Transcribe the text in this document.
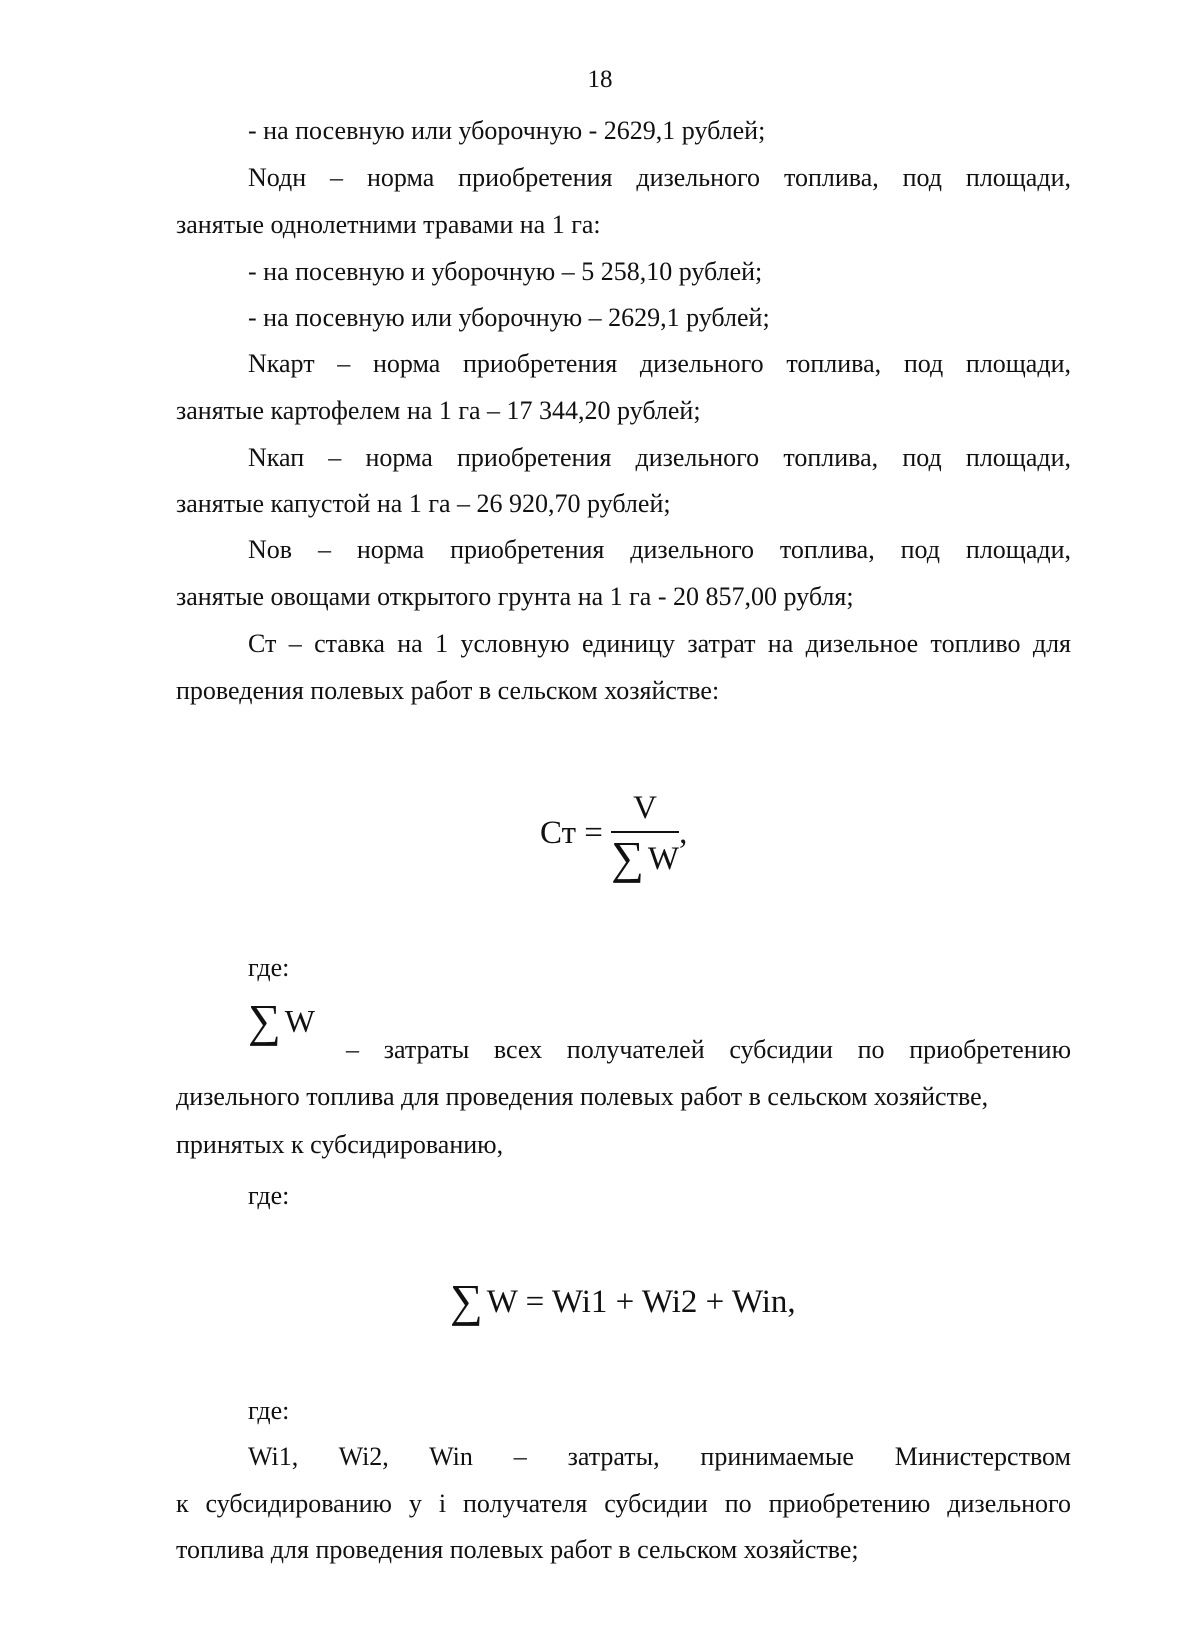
18
- на посевную или уборочную - 2629,1 рублей;
Nодн – норма приобретения дизельного топлива, под площади,
занятые однолетними травами на 1 га:
- на посевную и уборочную – 5 258,10 рублей;
- на посевную или уборочную – 2629,1 рублей;
Nкарт – норма приобретения дизельного топлива, под площади,
занятые картофелем на 1 га – 17 344,20 рублей;
Nкап – норма приобретения дизельного топлива, под площади,
занятые капустой на 1 га – 26 920,70 рублей;
Nов – норма приобретения дизельного топлива, под площади,
занятые овощами открытого грунта на 1 га - 20 857,00 рубля;
Ст – ставка на 1 условную единицу затрат на дизельное топливо для
проведения полевых работ в сельском хозяйстве:
Ст = $\frac{V}{\sum W}$ ,
где:
∑ W
– затраты всех получателей субсидии по приобретению
дизельного топлива для проведения полевых работ в сельском хозяйстве,
принятых к субсидированию,
где:
∑ W = Wi1 + Wi2 + Win,
где:
Wi1, Wi2, Win – затраты, принимаемые Министерством
к субсидированию у i получателя субсидии по приобретению дизельного
топлива для проведения полевых работ в сельском хозяйстве;
